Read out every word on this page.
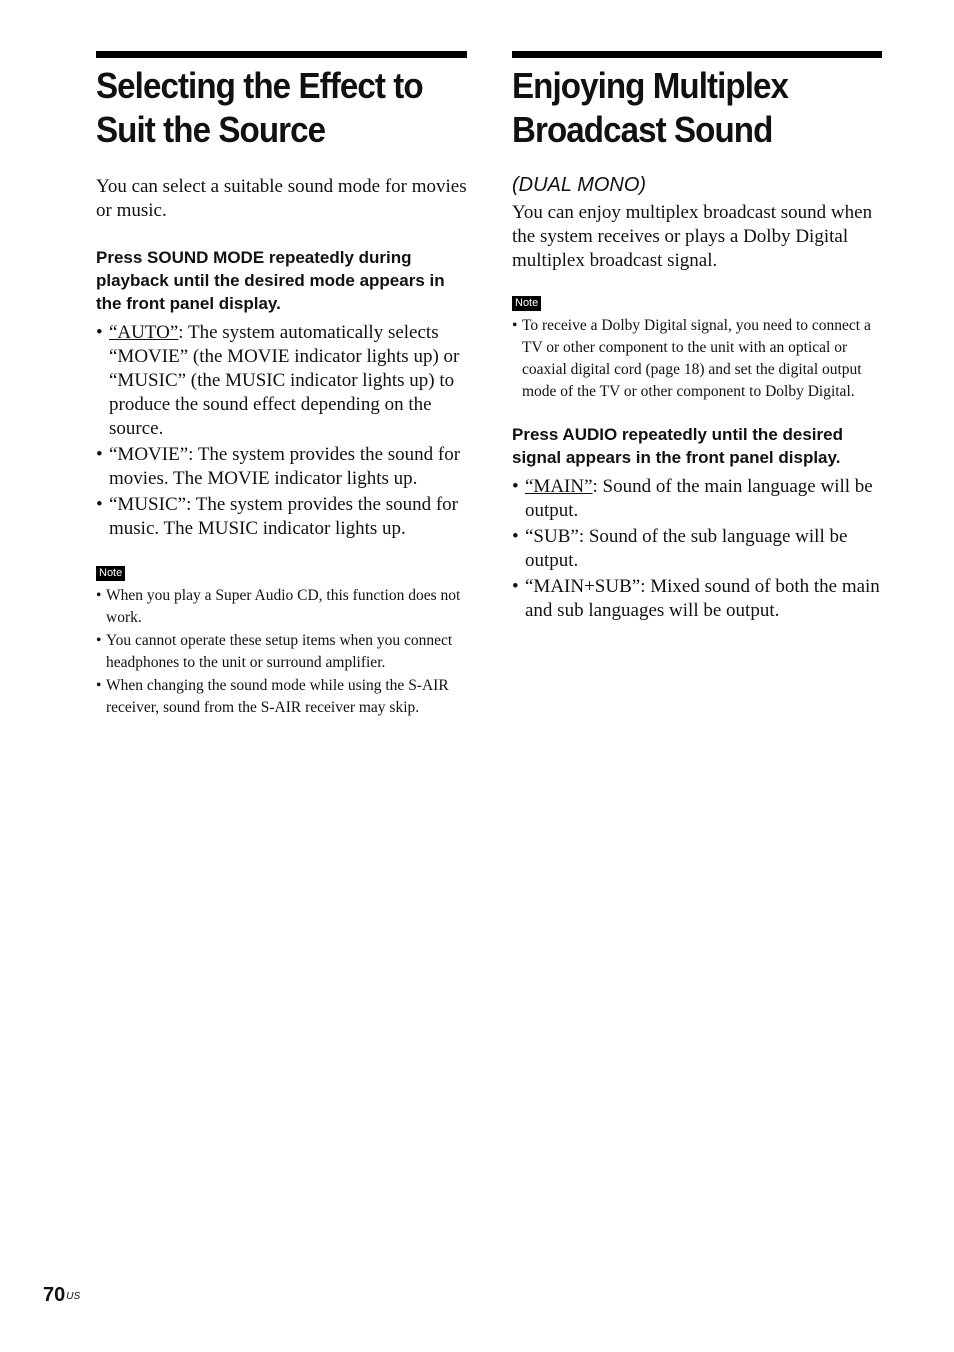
Selecting the Effect to
Suit the Source

You can select a suitable sound mode for movies or music.

Press SOUND MODE repeatedly during playback until the desired mode appears in the front panel display.

• “AUTO”: The system automatically selects “MOVIE” (the MOVIE indicator lights up) or “MUSIC” (the MUSIC indicator lights up) to produce the sound effect depending on the source.
• “MOVIE”: The system provides the sound for movies. The MOVIE indicator lights up.
• “MUSIC”: The system provides the sound for music. The MUSIC indicator lights up.
Note
• When you play a Super Audio CD, this function does not work.
• You cannot operate these setup items when you connect headphones to the unit or surround amplifier.
• When changing the sound mode while using the S-AIR receiver, sound from the S-AIR receiver may skip.
Enjoying Multiplex
Broadcast Sound
(DUAL MONO)

You can enjoy multiplex broadcast sound when the system receives or plays a Dolby Digital multiplex broadcast signal.

Note
• To receive a Dolby Digital signal, you need to connect a TV or other component to the unit with an optical or coaxial digital cord (page 18) and set the digital output mode of the TV or other component to Dolby Digital.

Press AUDIO repeatedly until the desired signal appears in the front panel display.

• “MAIN”: Sound of the main language will be output.
• “SUB”: Sound of the sub language will be output.
• “MAIN+SUB”: Mixed sound of both the main and sub languages will be output.
$70^{US}$
